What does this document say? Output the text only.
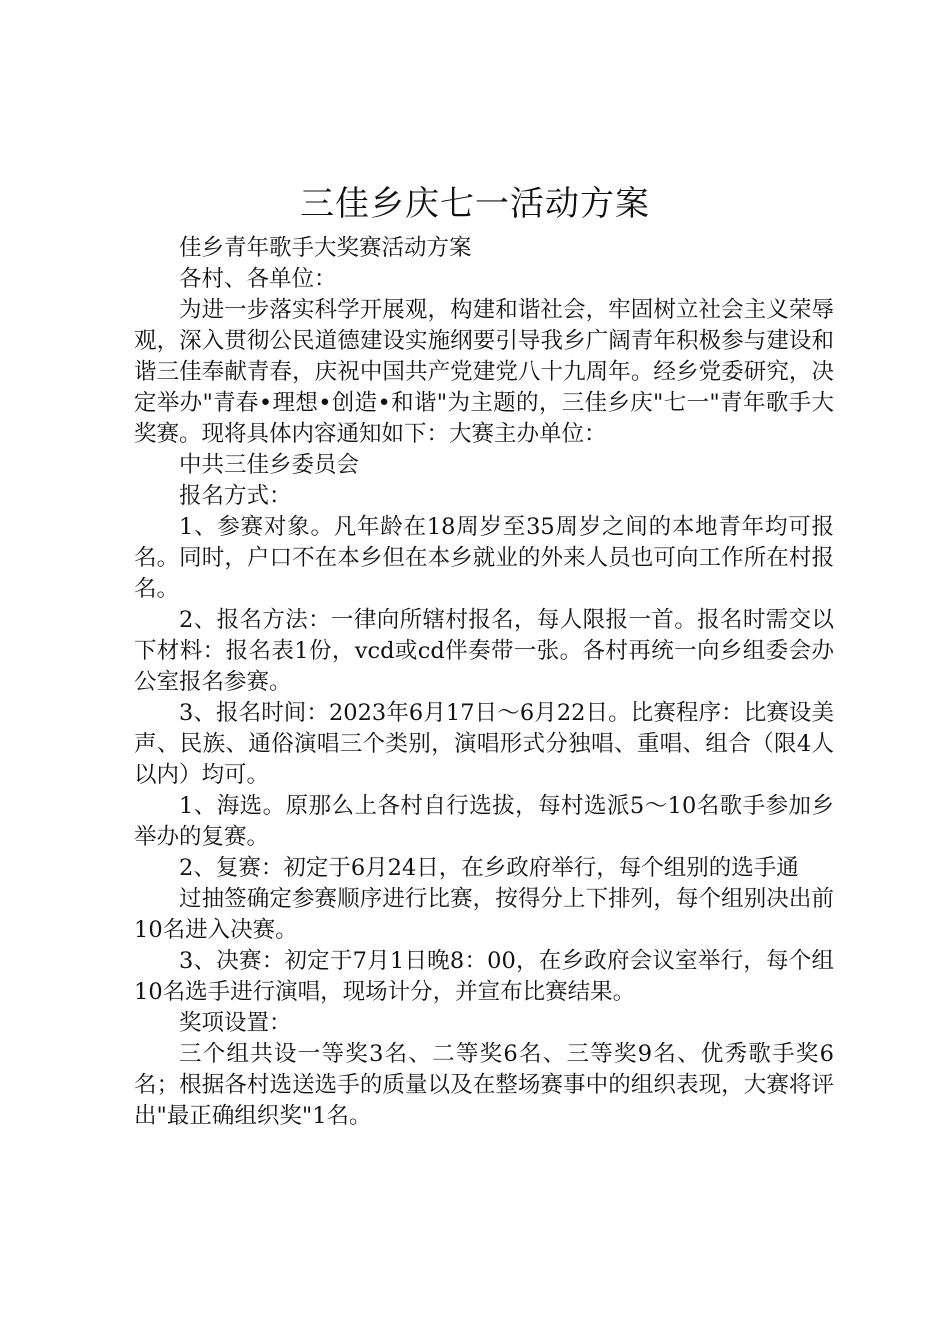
三佳乡庆七一活动方案

佳乡青年歌手大奖赛活动方案

各村、各单位：

为进一步落实科学开展观，构建和谐社会，牢固树立社会主义荣辱观，深入贯彻公民道德建设实施纲要引导我乡广阔青年积极参与建设和谐三佳奉献青春，庆祝中国共产党建党八十九周年。经乡党委研究，决定举办"青春•理想•创造•和谐"为主题的，三佳乡庆"七一"青年歌手大奖赛。现将具体内容通知如下：大赛主办单位：

中共三佳乡委员会

报名方式：

1、参赛对象。凡年龄在18周岁至35周岁之间的本地青年均可报名。同时，户口不在本乡但在本乡就业的外来人员也可向工作所在村报名。

2、报名方法：一律向所辖村报名，每人限报一首。报名时需交以下材料：报名表1份，vcd或cd伴奏带一张。各村再统一向乡组委会办公室报名参赛。

3、报名时间：2023年6月17日～6月22日。比赛程序：比赛设美声、民族、通俗演唱三个类别，演唱形式分独唱、重唱、组合（限4人以内）均可。

1、海选。原那么上各村自行选拔，每村选派5～10名歌手参加乡举办的复赛。

2、复赛：初定于6月24日，在乡政府举行，每个组别的选手通

过抽签确定参赛顺序进行比赛，按得分上下排列，每个组别决出前10名进入决赛。

3、决赛：初定于7月1日晚8：00，在乡政府会议室举行，每个组10名选手进行演唱，现场计分，并宣布比赛结果。

奖项设置：

三个组共设一等奖3名、二等奖6名、三等奖9名、优秀歌手奖6名；根据各村选送选手的质量以及在整场赛事中的组织表现，大赛将评出"最正确组织奖"1名。
